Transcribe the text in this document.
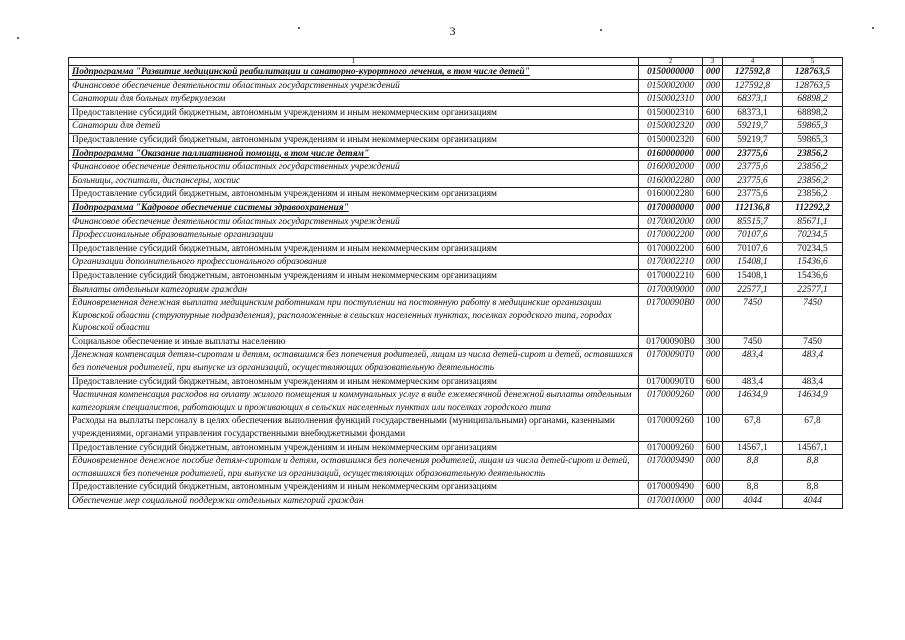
3
1	2	3	4	5
Подпрограмма "Развитие медицинской реабилитации и санаторно-курортного лечения, в том числе детей"	0150000000	000	127592,8	128763,5
Финансовое обеспечение деятельности областных государственных учреждений	0150002000	000	127592,8	128763,5
Санатории для больных туберкулезом	0150002310	000	68373,1	68898,2
Предоставление субсидий бюджетным, автономным учреждениям и иным некоммерческим организациям	0150002310	600	68373,1	68898,2
Санатории для детей	0150002320	000	59219,7	59865,3
Предоставление субсидий бюджетным, автономным учреждениям и иным некоммерческим организациям	0150002320	600	59219,7	59865,3
Подпрограмма "Оказание паллиативной помощи, в том числе детям"	0160000000	000	23775,6	23856,2
Финансовое обеспечение деятельности областных государственных учреждений	0160002000	000	23775,6	23856,2
Больницы, госпитали, диспансеры, хоспис	0160002280	000	23775,6	23856,2
Предоставление субсидий бюджетным, автономным учреждениям и иным некоммерческим организациям	0160002280	600	23775,6	23856,2
Подпрограмма "Кадровое обеспечение системы здравоохранения"	0170000000	000	112136,8	112292,2
Финансовое обеспечение деятельности областных государственных учреждений	0170002000	000	85515,7	85671,1
Профессиональные образовательные организации	0170002200	000	70107,6	70234,5
Предоставление субсидий бюджетным, автономным учреждениям и иным некоммерческим организациям	0170002200	600	70107,6	70234,5
Организации дополнительного профессионального образования	0170002210	000	15408,1	15436,6
Предоставление субсидий бюджетным, автономным учреждениям и иным некоммерческим организациям	0170002210	600	15408,1	15436,6
Выплаты отдельным категориям граждан	0170009000	000	22577,1	22577,1
Единовременная денежная выплата медицинским работникам при поступлении на постоянную работу в медицинские организации Кировской области (структурные подразделения), расположенные в сельских населенных пунктах, поселках городского типа, городах Кировской области	01700090В0	000	7450	7450
Социальное обеспечение и иные выплаты населению	01700090В0	300	7450	7450
Денежная компенсация детям-сиротам и детям, оставшимся без попечения родителей, лицам из числа детей-сирот и детей, оставшихся без попечения родителей, при выпуске из организаций, осуществляющих образовательную деятельность	01700090Т0	000	483,4	483,4
Предоставление субсидий бюджетным, автономным учреждениям и иным некоммерческим организациям	01700090Т0	600	483,4	483,4
Частичная компенсация расходов на оплату жилого помещения и коммунальных услуг в виде ежемесячной денежной выплаты отдельным категориям специалистов, работающих и проживающих в сельских населенных пунктах или поселках городского типа	0170009260	000	14634,9	14634,9
Расходы на выплаты персоналу в целях обеспечения выполнения функций государственными (муниципальными) органами, казенными учреждениями, органами управления государственными внебюджетными фондами	0170009260	100	67,8	67,8
Предоставление субсидий бюджетным, автономным учреждениям и иным некоммерческим организациям	0170009260	600	14567,1	14567,1
Единовременное денежное пособие детям-сиротам и детям, оставшимся без попечения родителей, лицам из числа детей-сирот и детей, оставшихся без попечения родителей, при выпуске из организаций, осуществляющих образовательную деятельность	0170009490	000	8,8	8,8
Предоставление субсидий бюджетным, автономным учреждениям и иным некоммерческим организациям	0170009490	600	8,8	8,8
Обеспечение мер социальной поддержки отдельных категорий граждан	0170010000	000	4044	4044
